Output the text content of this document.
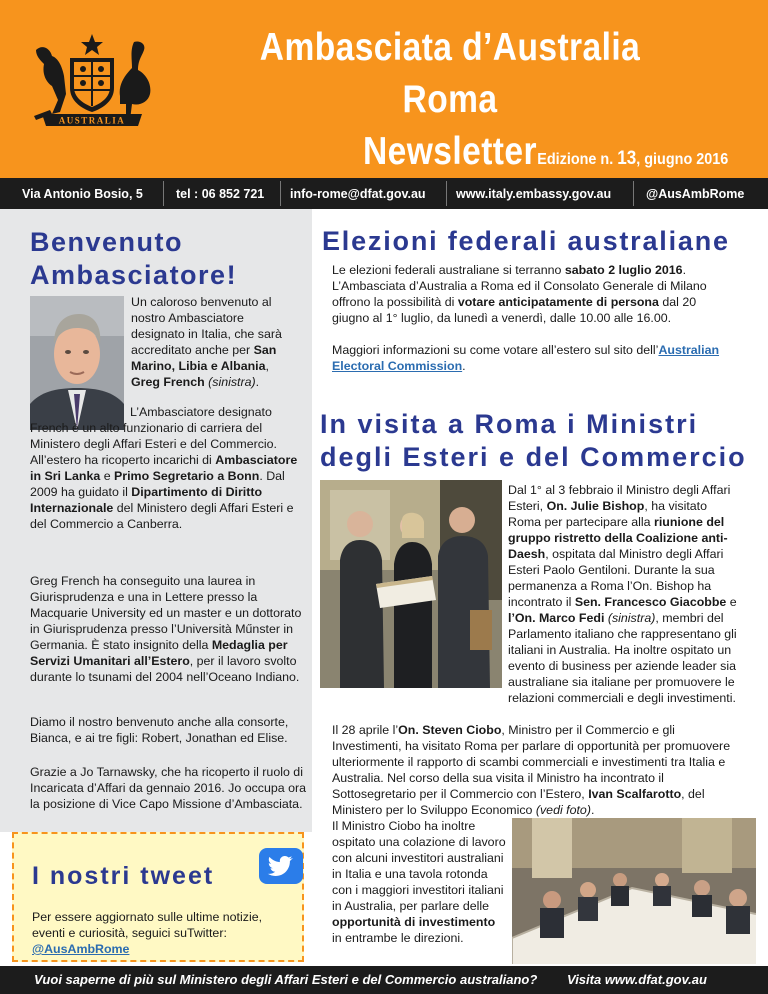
AUSTRALIA
Ambasciata d’Australia Roma
Newsletter Edizione n. 13, giugno 2016
Via Antonio Bosio, 5	tel : 06 852 721 info-rome@dfat.gov.au www.italy.embassy.gov.au	@AusAmbRome
Benvenuto
Ambasciatore!
Un caloroso benvenuto al nostro Ambasciatore designato in Italia, che sarà accreditato anche per San Marino, Libia e Albania, Greg French (sinistra).
L’Ambasciatore designato French è un alto funzionario di carriera del Ministero degli Affari Esteri e del Commercio. All’estero ha ricoperto incarichi di Ambasciatore in Sri Lanka e Primo Segretario a Bonn. Dal 2009 ha guidato il Dipartimento di Diritto Internazionale del Ministero degli Affari Esteri e del Commercio a Canberra.
Greg French ha conseguito una laurea in Giurisprudenza e una in Lettere presso la Macquarie University ed un master e un dottorato in Giurisprudenza presso l’Università Műnster in Germania. È stato insignito della Medaglia per Servizi Umanitari all’Estero, per il lavoro svolto durante lo tsunami del 2004 nell’Oceano Indiano.
Diamo il nostro benvenuto anche alla consorte, Bianca, e ai tre figli: Robert, Jonathan ed Elise.
Grazie a Jo Tarnawsky, che ha ricoperto il ruolo di Incaricata d’Affari da gennaio 2016. Jo occupa ora la posizione di Vice Capo Missione d’Ambasciata.
I nostri tweet
Per essere aggiornato sulle ultime notizie, eventi e curiosità, seguici suTwitter:
@AusAmbRome
Elezioni federali australiane
Le elezioni federali australiane si terranno sabato 2 luglio 2016. L’Ambasciata d’Australia a Roma ed il Consolato Generale di Milano offrono la possibilità di votare anticipatamente di persona dal 20 giugno al 1° luglio, da lunedì a venerdì, dalle 10.00 alle 16.00.
Maggiori informazioni su come votare all’estero sul sito dell’Australian Electoral Commission.
In visita a Roma i Ministri
degli Esteri e del Commercio
Dal 1° al 3 febbraio il Ministro degli Affari Esteri, On. Julie Bishop, ha visitato Roma per partecipare alla riunione del gruppo ristretto della Coalizione anti-Daesh, ospitata dal Ministro degli Affari Esteri Paolo Gentiloni. Durante la sua permanenza a Roma l’On. Bishop ha incontrato il Sen. Francesco Giacobbe e l’On. Marco Fedi (sinistra), membri del Parlamento italiano che rappresentano gli italiani in Australia. Ha inoltre ospitato un evento di business per aziende leader sia australiane sia italiane per promuovere le relazioni commerciali e degli investimenti.
Il 28 aprile l’On. Steven Ciobo, Ministro per il Commercio e gli Investimenti, ha visitato Roma per parlare di opportunità per promuovere ulteriormente il rapporto di scambi commerciali e investimenti tra Italia e Australia. Nel corso della sua visita il Ministro ha incontrato il Sottosegretario per il Commercio con l’Estero, Ivan Scalfarotto, del Ministero per lo Sviluppo Economico (vedi foto).
Il Ministro Ciobo ha inoltre ospitato una colazione di lavoro con alcuni investitori australiani in Italia e una tavola rotonda con i maggiori investitori italiani in Australia, per parlare delle opportunità di investimento in entrambe le direzioni.
Vuoi saperne di più sul Ministero degli Affari Esteri e del Commercio australiano? Visita www.dfat.gov.au
